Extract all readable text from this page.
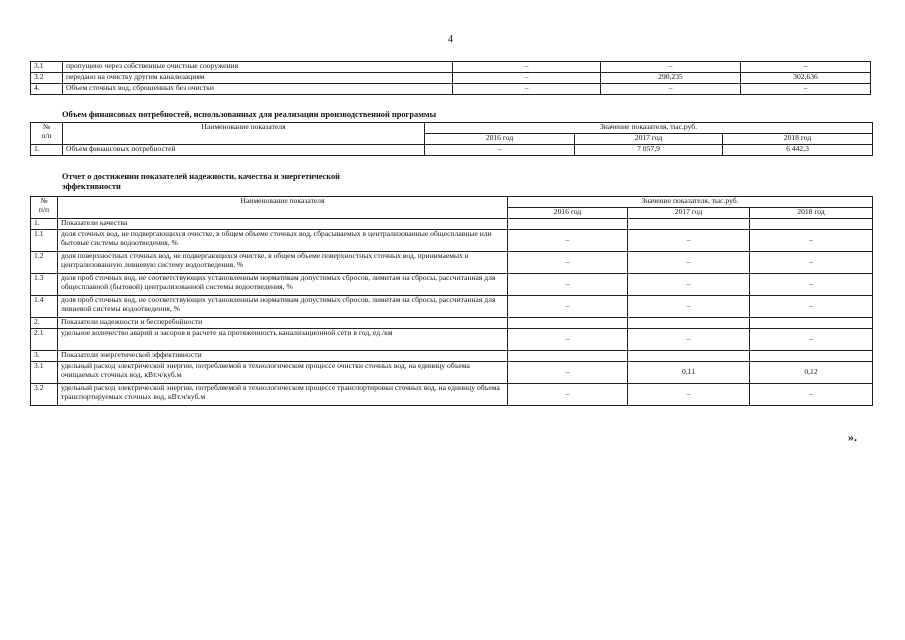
4
3.1	пропущено через собственные очистные сооружения	–	–	–
3.2	передано на очистку другим канализациям	–	290,235	302,636
4.	Объем сточных вод, сброшенных без очистки	–	–	–
Объем финансовых потребностей, использованных для реализации производственной программы
№
п/п	Наименование показателя	Значение показателя, тыс.руб.		
		2016 год	2017 год	2018 год
1.	Объем финансовых потребностей	–	7 057,9	6 442,3
Отчет о достижении показателей надежности, качества и энергетической
эффективности
№
п/п	Наименование показателя	Значение показателя, тыс.руб.		
		2016 год	2017 год	2018 год
1.	Показатели качества			
1.1	доля сточных вод, не подвергающихся очистке, в общем объеме сточных вод, сбрасываемых в централизованные общесплавные или бытовые системы водоотведения, %	–	–	–
1.2	доля поверхностных сточных вод, не подвергающихся очистке, в общем объеме поверхностных сточных вод, принимаемых в централизованную ливневую систему водоотведения, %	–	–	–
1.3	доля проб сточных вод, не соответствующих установленным нормативам допустимых сбросов, лимитам на сбросы, рассчитанная для общесплавной (бытовой) централизованной системы водоотведения, %	–	–	–
1.4	доля проб сточных вод, не соответствующих установленным нормативам допустимых сбросов, лимитам на сбросы, рассчитанная для ливневой системы водоотведения, %	–	–	–
2.	Показатели надежности и бесперебойности			
2.1	удельное количество аварий и засоров в расчете на протяженность канализационной сети в год, ед./км	–	–	–
3.	Показатели энергетической эффективности			
3.1	удельный расход электрической энергии, потребляемой в технологическом процессе очистки сточных вод, на единицу объема очищаемых сточных вод, кВт.ч/куб.м	–	0,11	0,12
3.2	удельный расход электрической энергии, потребляемой в технологическом процессе транспортировки сточных вод, на единицу объема транспортируемых сточных вод, кВт.ч/куб.м	–	–	–
».
